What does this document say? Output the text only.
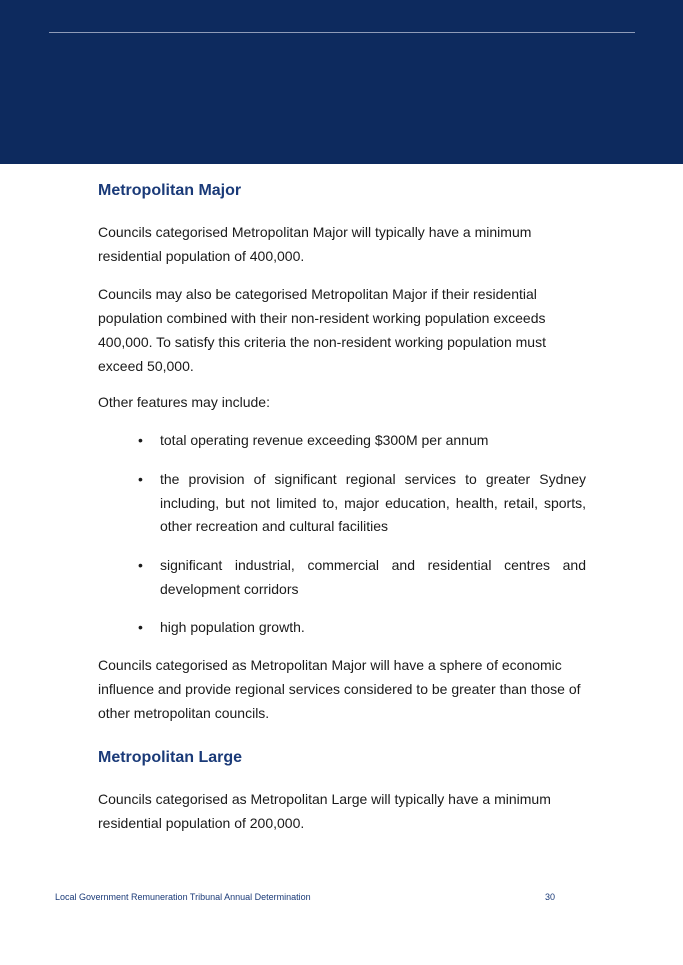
Metropolitan Major

Councils categorised Metropolitan Major will typically have a minimum residential population of 400,000.

Councils may also be categorised Metropolitan Major if their residential population combined with their non-resident working population exceeds 400,000. To satisfy this criteria the non-resident working population must exceed 50,000.

Other features may include:

•	total operating revenue exceeding $300M per annum
•	the provision of significant regional services to greater Sydney including, but not limited to, major education, health, retail, sports, other recreation and cultural facilities
•	significant industrial, commercial and residential centres and development corridors
•	high population growth.

Councils categorised as Metropolitan Major will have a sphere of economic influence and provide regional services considered to be greater than those of other metropolitan councils.

Metropolitan Large

Councils categorised as Metropolitan Large will typically have a minimum residential population of 200,000.

Local Government Remuneration Tribunal Annual Determination	30
